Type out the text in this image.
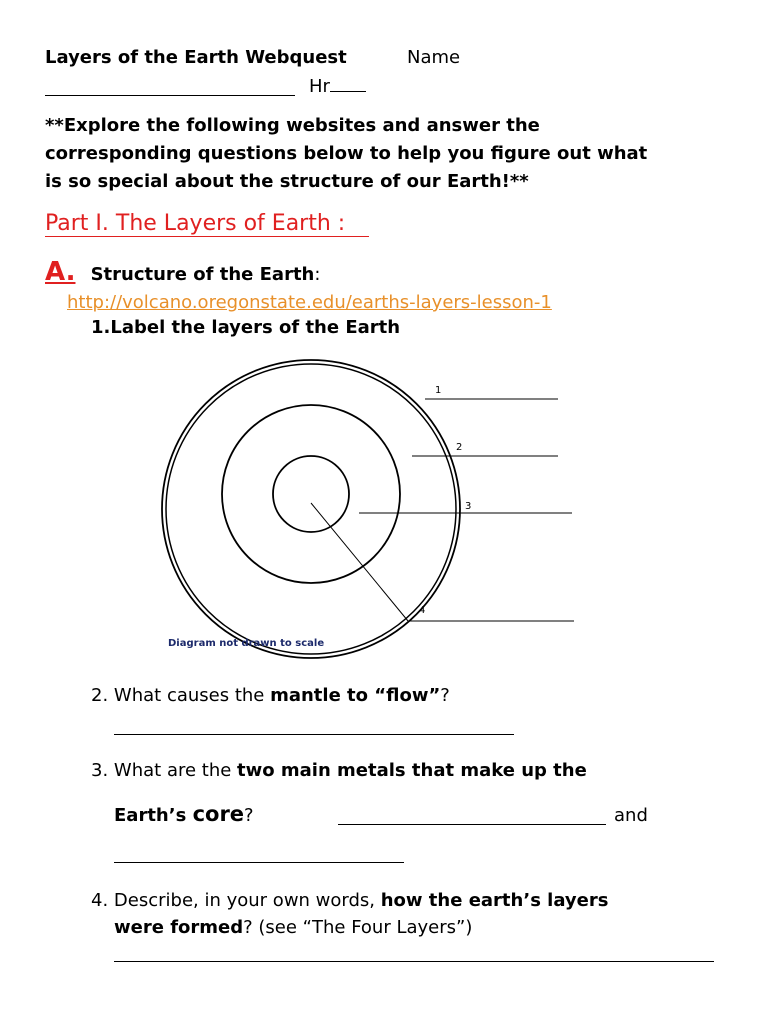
Layers of the Earth Webquest	Name
Hr
**Explore the following websites and answer the
corresponding questions below to help you figure out what
is so special about the structure of our Earth!**
Part I. The Layers of Earth :
A. Structure of the Earth:
http://volcano.oregonstate.edu/earths-layers-lesson-1
1.Label the layers of the Earth
1
2
3
4
Diagram not drawn to scale
2. What causes the mantle to “flow”?
3. What are the two main metals that make up the
Earth’s core?	and
4. Describe, in your own words, how the earth’s layers
were formed? (see “The Four Layers”)
